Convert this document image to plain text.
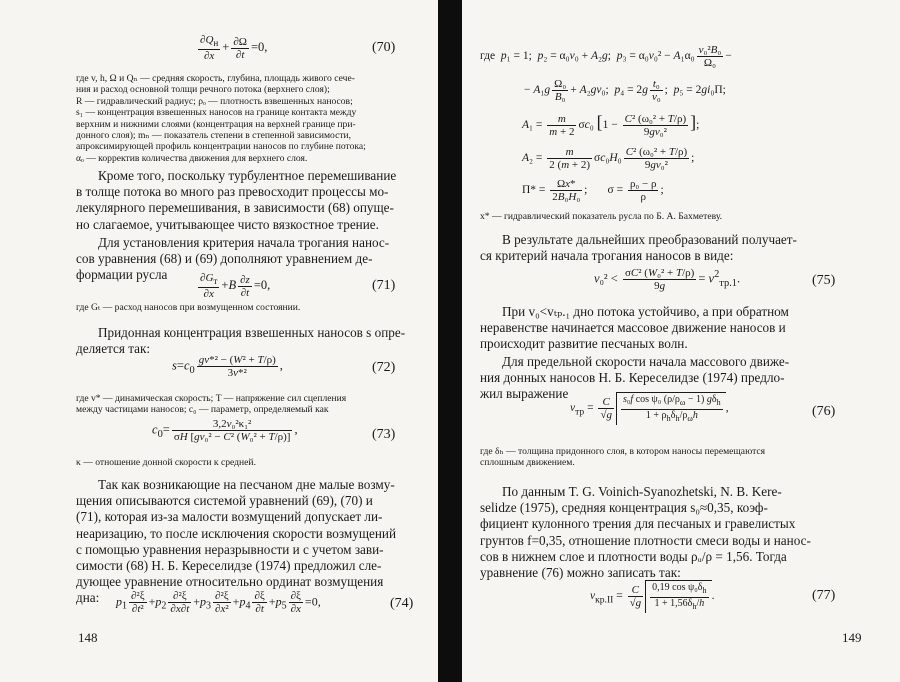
$\frac{\partial Q_н}{\partial x} + \frac{\partial\Omega}{\partial t} =0$,	(70)
где v, h, Ω и Qₙ — средняя скорость, глубина, площадь живого сече-
ния и расход основной толщи речного потока (верхнего слоя);
R — гидравлический радиус; ρₒ — плотность взвешенных наносов;
s₁ — концентрация взвешенных наносов на границе контакта между
верхним и нижними слоями (концентрация на верхней границе при-
донного слоя); mₙ — показатель степени в степенной зависимости,
апроксимирующей профиль концентрации наносов по глубине потока;
αₒ — корректив количества движения для верхнего слоя.
Кроме того, поскольку турбулентное перемешивание
в толще потока во много раз превосходит процессы мо-
лекулярного перемешивания, в зависимости (68) опуще-
но слагаемое, учитывающее чисто вязкостное трение.
Для установления критерия начала трогания нанос-
сов уравнения (68) и (69) дополняют уравнением де-
формации русла	$\frac{\partial G_т}{\partial x} +B \frac{\partial z}{\partial t} =0$,	(71)
где Gₜ — расход наносов при возмущенном состоянии.
Придонная концентрация взвешенных наносов s опре-
деляется так:
$s=c_0 \frac{\text{gv*² − (W² + T/ρ)}}{\text{3v*²}}$ ,	(72)
где v* — динамическая скорость; T — напряжение сил сцепления
между частицами наносов; c₀ — параметр, определяемый как
$c_0= \frac{\text{3,2v₀²κ₁²}}{\text{σH [gv₀² − C² (W₀² + T/ρ)]}}$ ,	(73)
κ — отношение донной скорости к средней.
Так как возникающие на песчаном дне малые возму-
щения описываются системой уравнений (69), (70) и
(71), которая из-за малости возмущений допускает ли-
неаризацию, то после исключения скорости возмущений
с помощью уравнения неразрывности и с учетом зави-
симости (68) Н. Б. Кереселидзе (1974) предложил сле-
дующее уравнение относительно ординат возмущения
дна:	$p_1 \frac{\text{∂²ξ}}{\text{∂t²}} +p_2 \frac{\text{∂²ξ}}{\partial x\partial t} +p_3 \frac{\text{∂²ξ}}{\text{∂x²}} +p_4 \frac{\partial\xi}{\partial t} +p_5 \frac{\partial\xi}{\partial x} =0$,	(74)
148
где  p₁ = 1;  p₂ = α₀v₀ + A₂g;  $p_3 = \alpha_0v_0^2 - A_1\alpha_0 \frac{\text{v₀²B₀}}{\text{Ω₀}}$ −
− $A_1g \frac{\text{Ω₀}}{\text{B₀}} + A_2gv_0$;  $p_4 = 2g \frac{\text{t₀}}{\text{v₀}}$ ;  p₅ = 2gi₀Π;
$A_1 = \frac{m}{m + 2} \sigma c_0$ [$1 - \frac{\text{C² (ω₀² + T/ρ)}}{\text{9gv₀²}}$ ];
$A_2 = \frac{m}{2 (m + 2)} \sigma c_0H_0 \frac{\text{C² (ω₀² + T/ρ)}}{\text{9gv₀²}}$ ;
$\Pi* = \frac{\Omega x*}{\text{2B₀H₀}}$ ;       $\sigma = \frac{\text{ρ₀ − ρ}}{\rho}$ ;
x* — гидравлический показатель русла по Б. А. Бахметеву.
В результате дальнейших преобразований получает-
ся критерий начала трогания наносов в виде:
$v_0^2 < \frac{\text{σC² (W₀² + T/ρ)}}{9g} = v^2_{тр.1}$.	(75)
При v₀<vₜₚ.₁ дно потока устойчиво, а при обратном
неравенстве начинается массовое движение наносов и
происходит развитие песчаных волн.
Для предельной скорости начала массового движе-
ния донных наносов Н. Б. Кереселидзе (1974) предло-
жил выражение
$v_{тр} = \frac{C}{√g} \frac{s_0f \cos \psi_0 (\rho/\rho_\omega - 1) g\delta_h}{1 + \rho_h\delta_h/\rho_\omega h}$ ,	(76)
где δₕ — толщина придонного слоя, в котором наносы перемещаются
сплошным движением.
По данным T. G. Voinich-Syanozhetski, N. B. Kere-
selidze (1975), средняя концентрация s₀≈0,35, коэф-
фициент кулонного трения для песчаных и гравелистых
грунтов f=0,35, отношение плотности смеси воды и нанос-
сов в нижнем слое и плотности воды ρᵤ/ρ = 1,56. Тогда
уравнение (76) можно записать так:
$v_{кр.II} = \frac{C}{√g} \frac{0,19 \cos \psi_0\delta_h}{1 + 1,56\delta_h/h}$ .	(77)
149
